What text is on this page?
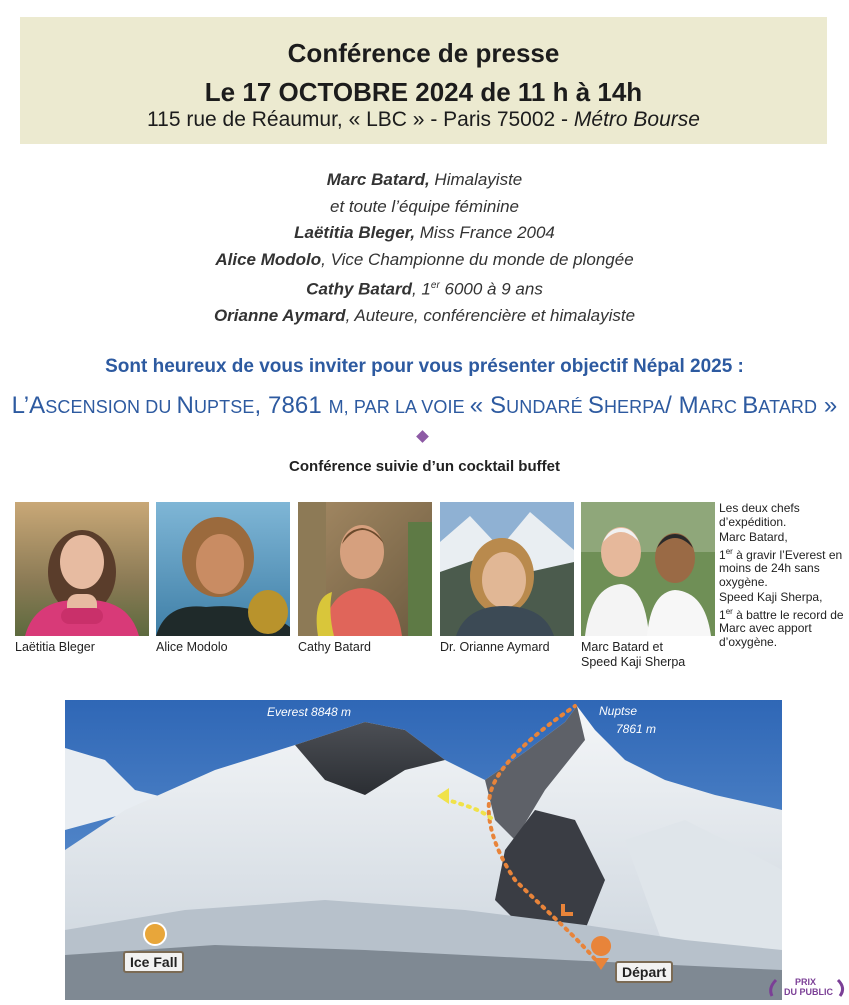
Conférence de presse
Le 17 OCTOBRE 2024 de 11 h à 14h
115 rue de Réaumur, « LBC » - Paris 75002 - Métro Bourse
Marc Batard, Himalayiste
et toute l’équipe féminine
Laëtitia Bleger, Miss France 2004
Alice Modolo, Vice Championne du monde de plongée
Cathy Batard, 1er 6000 à 9 ans
Orianne Aymard, Auteure, conférencière et himalayiste
Sont heureux de vous inviter pour vous présenter objectif Népal 2025 :
L’ASCENSION DU NUPTSE, 7861 M, PAR LA VOIE « SUNDARÉ SHERPA/ MARC BATARD »
Conférence suivie d’un cocktail buffet
Laëtitia Bleger	Alice Modolo	Cathy Batard	Dr. Orianne Aymard	Marc Batard et
Speed Kaji Sherpa

Les deux chefs d’expédition.

Marc Batard,

1er à gravir l’Everest en moins de 24h sans oxygène.

Speed Kaji Sherpa,

1er à battre le record de Marc avec apport d’oxygène.

Everest 8848 m	Nuptse
7861 m
Ice Fall
Départ
PRIX
DU PUBLIC
